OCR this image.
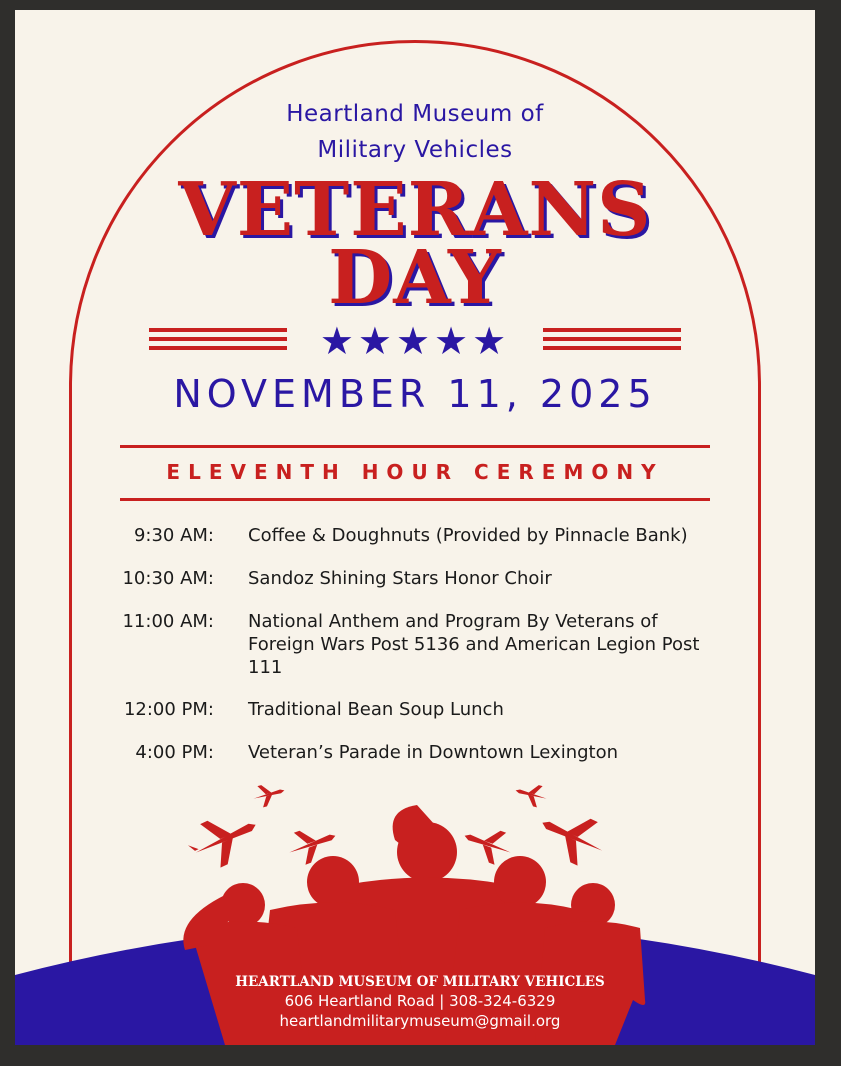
Heartland Museum of
Military Vehicles
VETERANS
DAY
★★★★★
NOVEMBER 11, 2025
ELEVENTH HOUR CEREMONY
9:30 AM: Coffee & Doughnuts (Provided by Pinnacle Bank)
10:30 AM: Sandoz Shining Stars Honor Choir
11:00 AM: National Anthem and Program By Veterans of Foreign Wars Post 5136 and American Legion Post 111
12:00 PM: Traditional Bean Soup Lunch
4:00 PM: Veteran’s Parade in Downtown Lexington
HEARTLAND MUSEUM OF MILITARY VEHICLES
606 Heartland Road | 308-324-6329
heartlandmilitarymuseum@gmail.org
